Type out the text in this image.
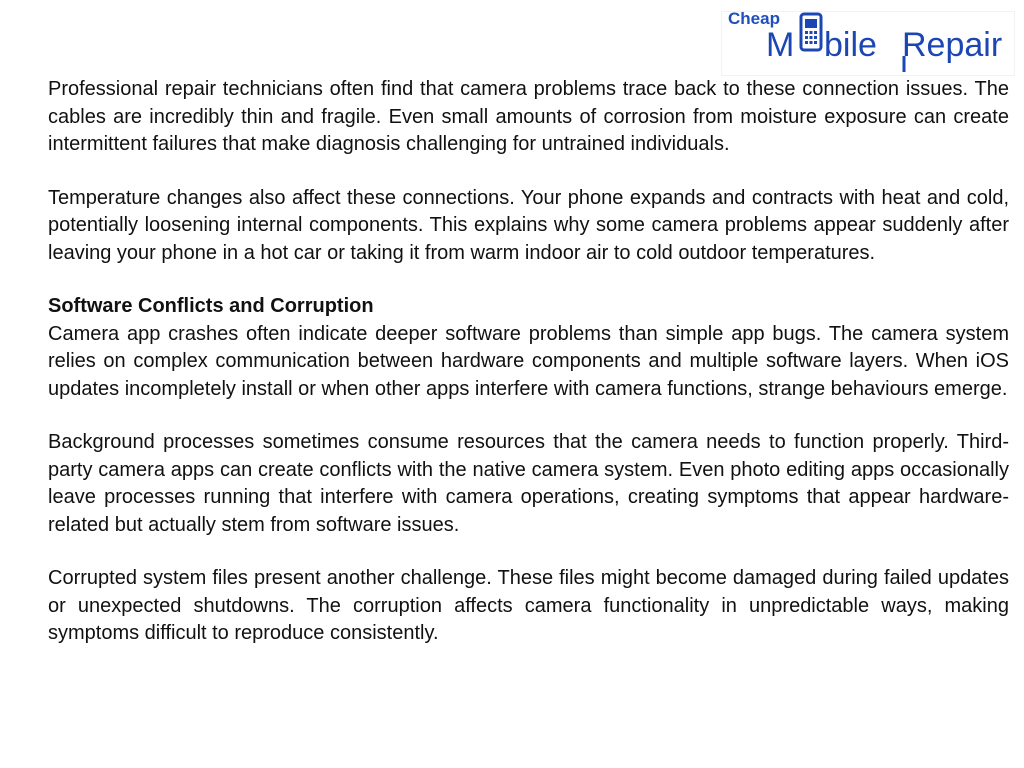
Cheap
M bile Repair

Professional repair technicians often find that camera problems trace back to these connection issues. The cables are incredibly thin and fragile. Even small amounts of corrosion from moisture exposure can create intermittent failures that make diagnosis challenging for untrained individuals.

Temperature changes also affect these connections. Your phone expands and contracts with heat and cold, potentially loosening internal components. This explains why some camera problems appear suddenly after leaving your phone in a hot car or taking it from warm indoor air to cold outdoor temperatures.

Software Conflicts and Corruption

Camera app crashes often indicate deeper software problems than simple app bugs. The camera system relies on complex communication between hardware components and multiple software layers. When iOS updates incompletely install or when other apps interfere with camera functions, strange behaviours emerge.

Background processes sometimes consume resources that the camera needs to function properly. Third-party camera apps can create conflicts with the native camera system. Even photo editing apps occasionally leave processes running that interfere with camera operations, creating symptoms that appear hardware-related but actually stem from software issues.

Corrupted system files present another challenge. These files might become damaged during failed updates or unexpected shutdowns. The corruption affects camera functionality in unpredictable ways, making symptoms difficult to reproduce consistently.
